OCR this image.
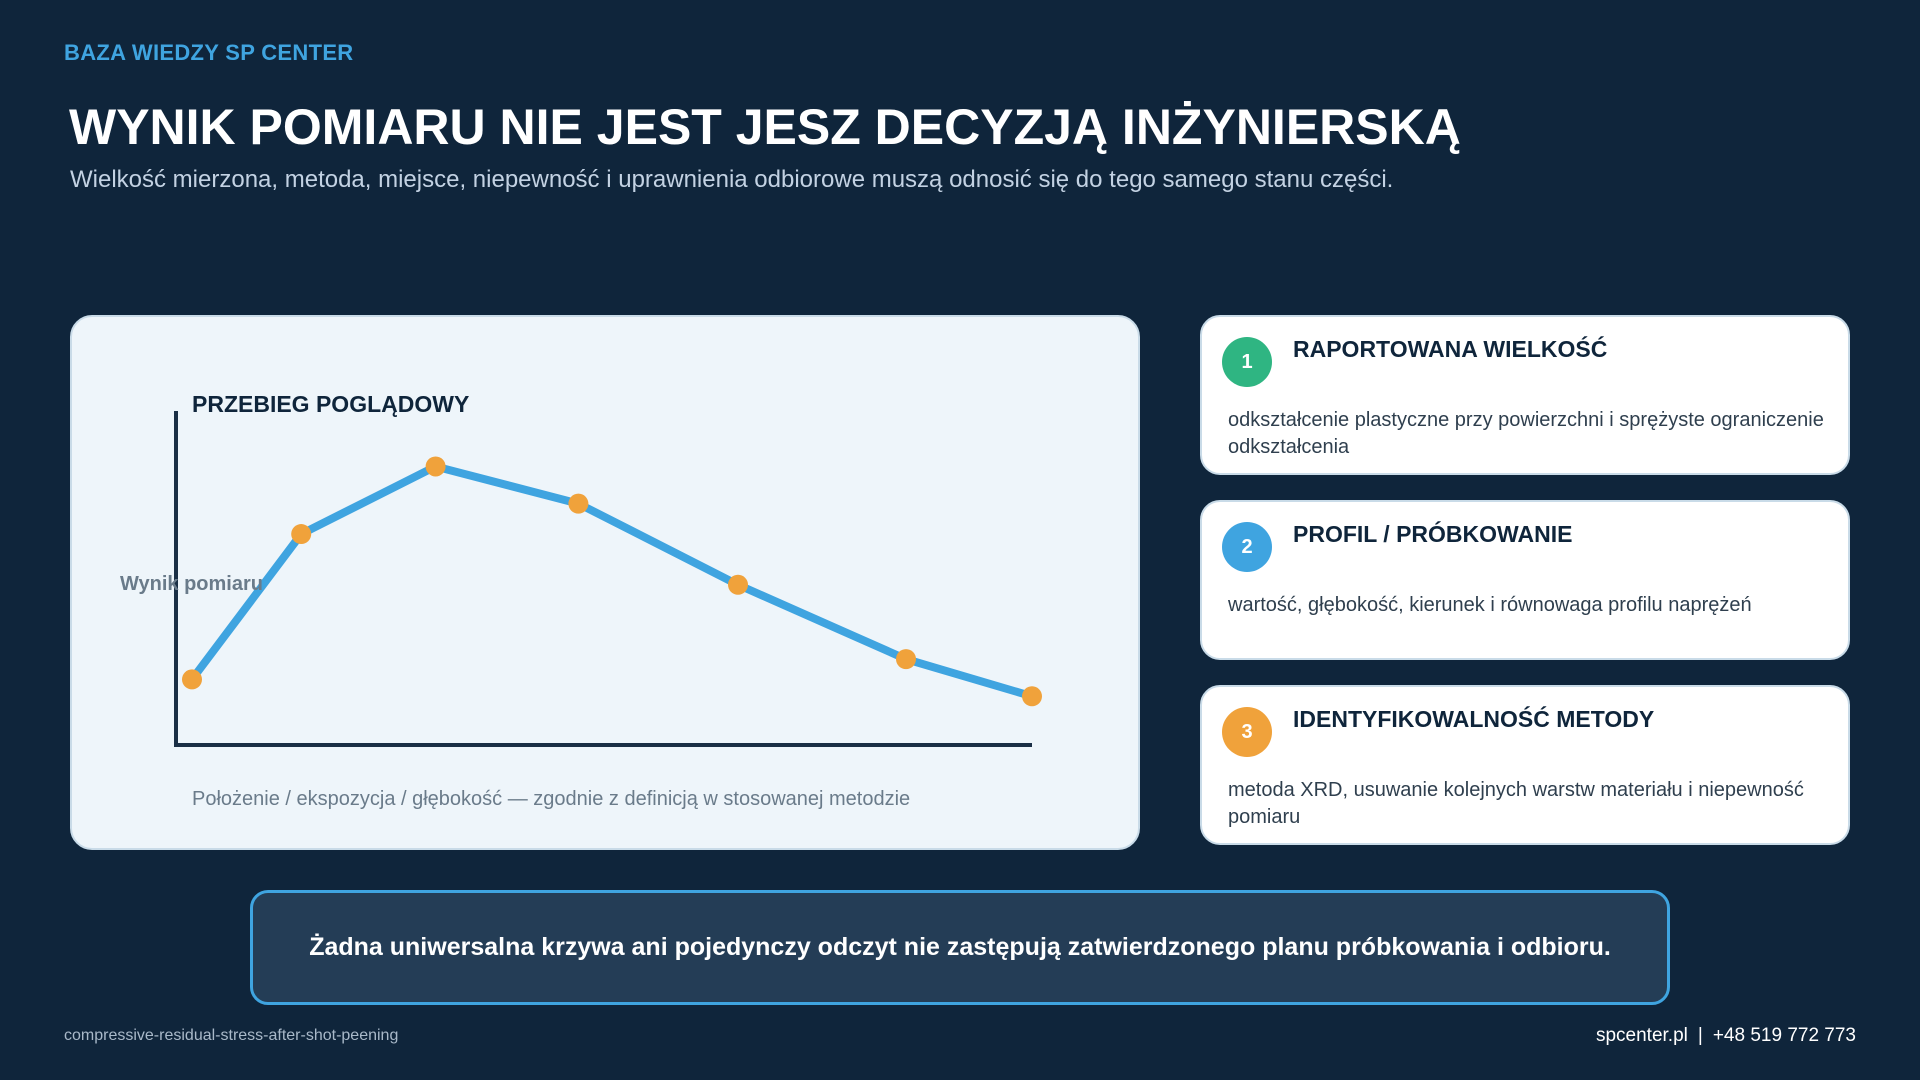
BAZA WIEDZY SP CENTER
WYNIK POMIARU NIE JEST JESZ DECYZJĄ INŻYNIERSKĄ
Wielkość mierzona, metoda, miejsce, niepewność i uprawnienia odbiorowe muszą odnosić się do tego samego stanu części.
PRZEBIEG POGLĄDOWY
Wynik pomiaru
Położenie / ekspozycja / głębokość — zgodnie z definicją w stosowanej metodzie
1	RAPORTOWANA WIELKOŚĆ
odkształcenie plastyczne przy powierzchni i sprężyste ograniczenie odkształcenia
2	PROFIL / PRÓBKOWANIE
wartość, głębokość, kierunek i równowaga profilu naprężeń
3	IDENTYFIKOWALNOŚĆ METODY
metoda XRD, usuwanie kolejnych warstw materiału i niepewność pomiaru
Żadna uniwersalna krzywa ani pojedynczy odczyt nie zastępują zatwierdzonego planu próbkowania i odbioru.
compressive-residual-stress-after-shot-peening	spcenter.pl | +48 519 772 773
